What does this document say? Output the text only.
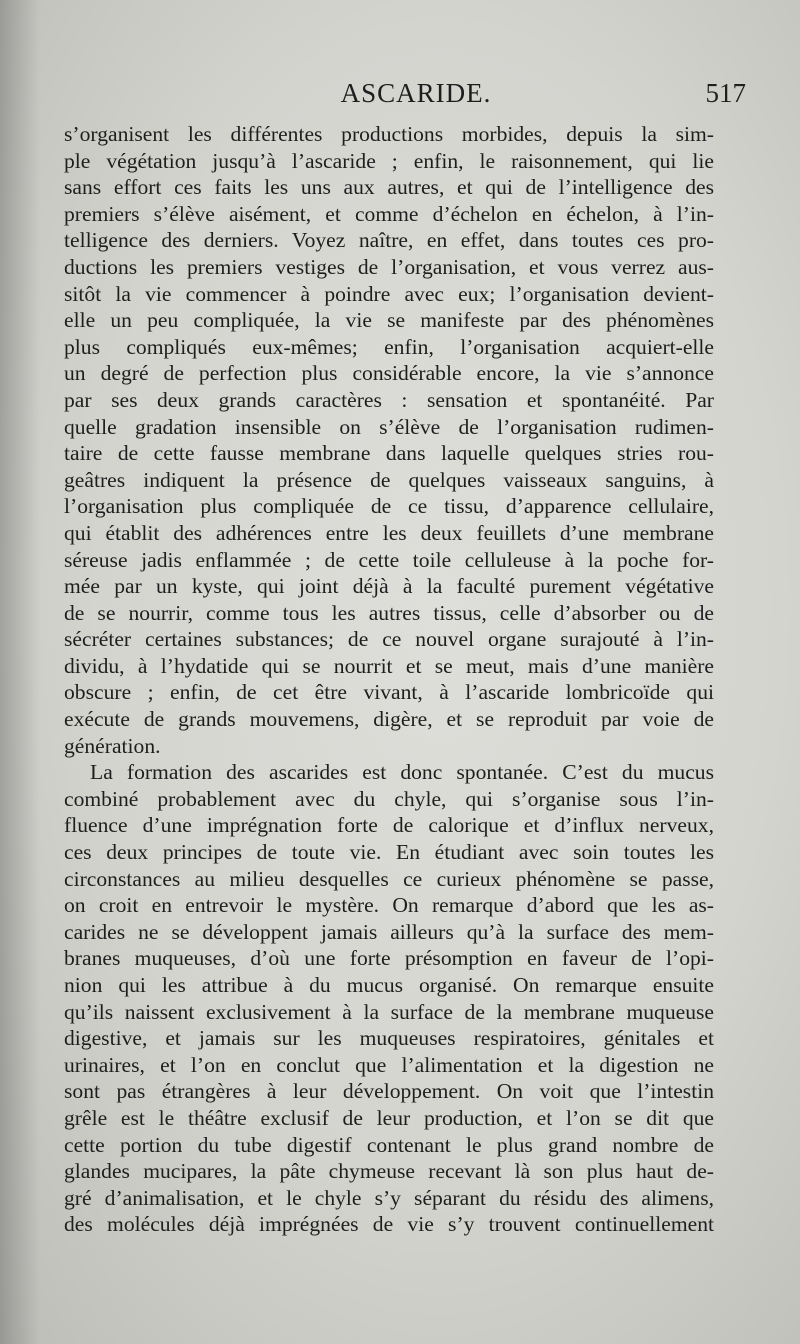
ASCARIDE.	517
s’organisent les différentes productions morbides, depuis la sim-
ple végétation jusqu’à l’ascaride ; enfin, le raisonnement, qui lie
sans effort ces faits les uns aux autres, et qui de l’intelligence des
premiers s’élève aisément, et comme d’échelon en échelon, à l’in-
telligence des derniers. Voyez naître, en effet, dans toutes ces pro-
ductions les premiers vestiges de l’organisation, et vous verrez aus-
sitôt la vie commencer à poindre avec eux; l’organisation devient-
elle un peu compliquée, la vie se manifeste par des phénomènes
plus compliqués eux-mêmes; enfin, l’organisation acquiert-elle
un degré de perfection plus considérable encore, la vie s’annonce
par ses deux grands caractères : sensation et spontanéité. Par
quelle gradation insensible on s’élève de l’organisation rudimen-
taire de cette fausse membrane dans laquelle quelques stries rou-
geâtres indiquent la présence de quelques vaisseaux sanguins, à
l’organisation plus compliquée de ce tissu, d’apparence cellulaire,
qui établit des adhérences entre les deux feuillets d’une membrane
séreuse jadis enflammée ; de cette toile celluleuse à la poche for-
mée par un kyste, qui joint déjà à la faculté purement végétative
de se nourrir, comme tous les autres tissus, celle d’absorber ou de
sécréter certaines substances; de ce nouvel organe surajouté à l’in-
dividu, à l’hydatide qui se nourrit et se meut, mais d’une manière
obscure ; enfin, de cet être vivant, à l’ascaride lombricoïde qui
exécute de grands mouvemens, digère, et se reproduit par voie de
génération.
La formation des ascarides est donc spontanée. C’est du mucus
combiné probablement avec du chyle, qui s’organise sous l’in-
fluence d’une imprégnation forte de calorique et d’influx nerveux,
ces deux principes de toute vie. En étudiant avec soin toutes les
circonstances au milieu desquelles ce curieux phénomène se passe,
on croit en entrevoir le mystère. On remarque d’abord que les as-
carides ne se développent jamais ailleurs qu’à la surface des mem-
branes muqueuses, d’où une forte présomption en faveur de l’opi-
nion qui les attribue à du mucus organisé. On remarque ensuite
qu’ils naissent exclusivement à la surface de la membrane muqueuse
digestive, et jamais sur les muqueuses respiratoires, génitales et
urinaires, et l’on en conclut que l’alimentation et la digestion ne
sont pas étrangères à leur développement. On voit que l’intestin
grêle est le théâtre exclusif de leur production, et l’on se dit que
cette portion du tube digestif contenant le plus grand nombre de
glandes mucipares, la pâte chymeuse recevant là son plus haut de-
gré d’animalisation, et le chyle s’y séparant du résidu des alimens,
des molécules déjà imprégnées de vie s’y trouvent continuellement
